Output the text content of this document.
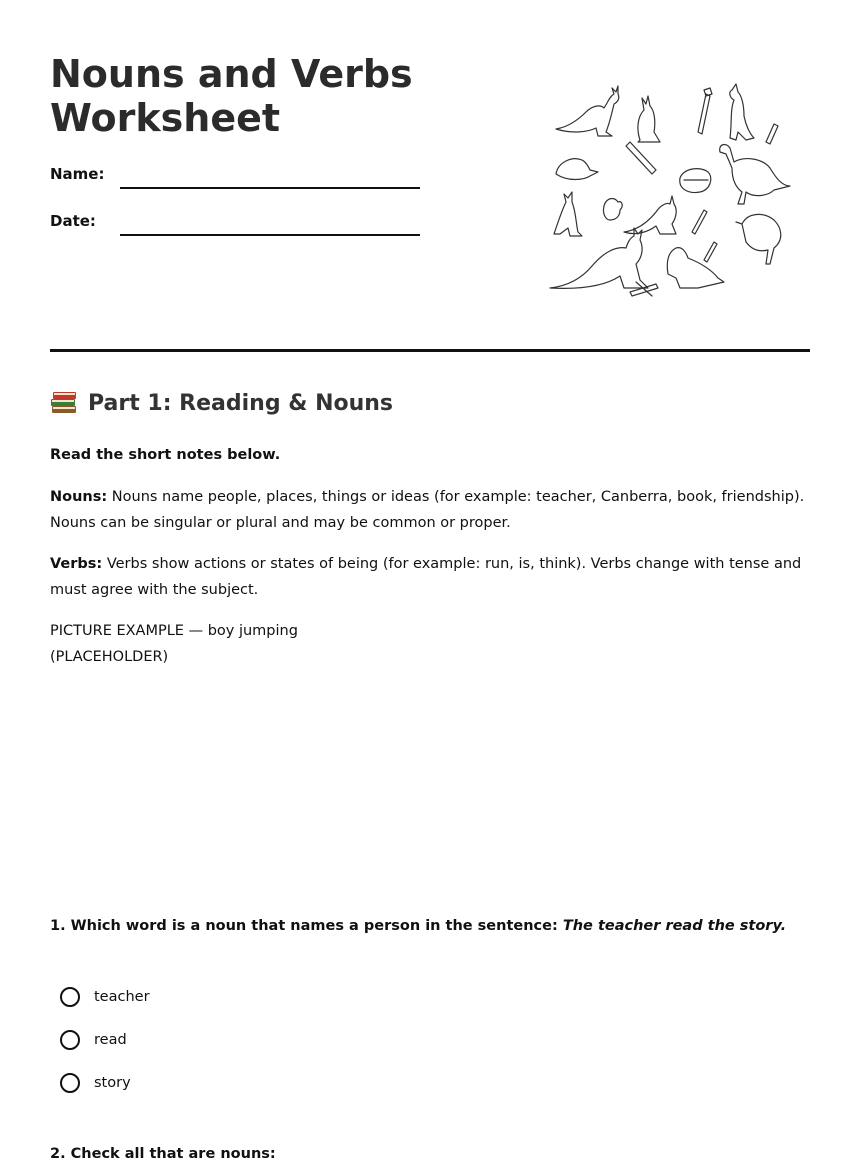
Nouns and Verbs
Worksheet
Name:
Date:
Part 1: Reading & Nouns

Read the short notes below.

Nouns: Nouns name people, places, things or ideas (for example: teacher, Canberra, book, friendship). Nouns can be singular or plural and may be common or proper.

Verbs: Verbs show actions or states of being (for example: run, is, think). Verbs change with tense and must agree with the subject.

PICTURE EXAMPLE — boy jumping
(PLACEHOLDER)

1. Which word is a noun that names a person in the sentence: The teacher read the story.

teacher
read
story

2. Check all that are nouns:
